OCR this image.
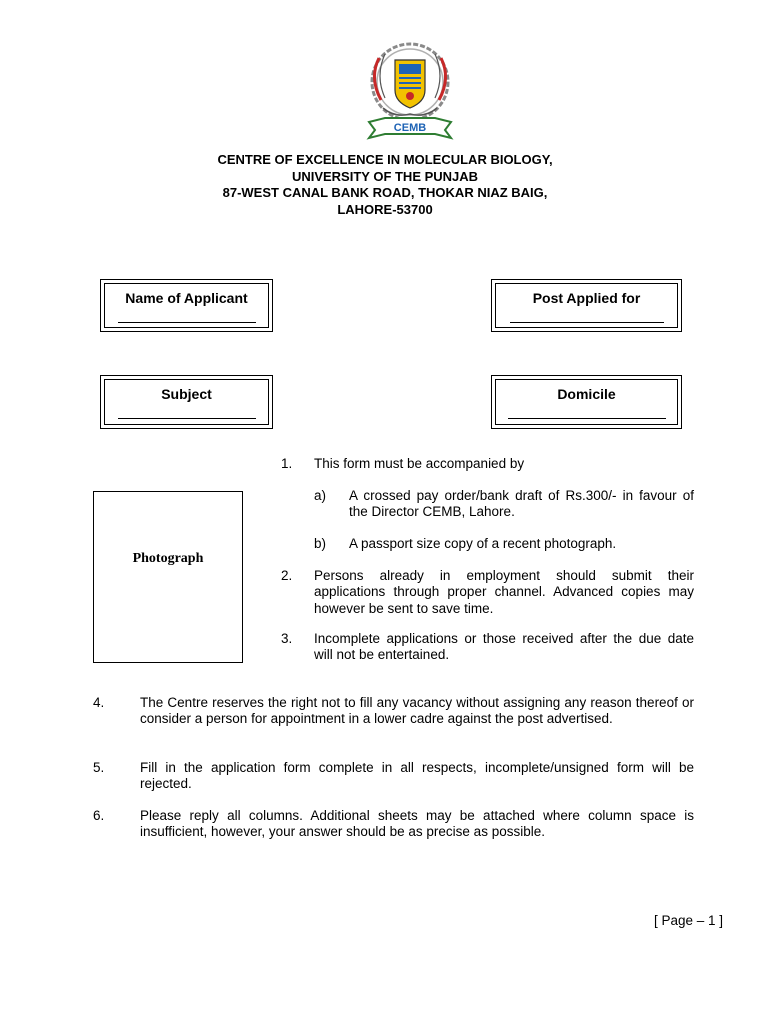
CEMB
CENTRE OF EXCELLENCE IN MOLECULAR BIOLOGY,
UNIVERSITY OF THE PUNJAB
87-WEST CANAL BANK ROAD, THOKAR NIAZ BAIG,
LAHORE-53700
Name of Applicant	Post Applied for
Subject	Domicile
Photograph
1. This form must be accompanied by
a) A crossed pay order/bank draft of Rs.300/- in favour of the Director CEMB, Lahore.
b) A passport size copy of a recent photograph.
2. Persons already in employment should submit their applications through proper channel. Advanced copies may however be sent to save time.
3. Incomplete applications or those received after the due date will not be entertained.
4.	The Centre reserves the right not to fill any vacancy without assigning any reason thereof or consider a person for appointment in a lower cadre against the post advertised.
5.	Fill in the application form complete in all respects, incomplete/unsigned form will be rejected.
6.	Please reply all columns. Additional sheets may be attached where column space is insufficient, however, your answer should be as precise as possible.
[ Page – 1 ]
